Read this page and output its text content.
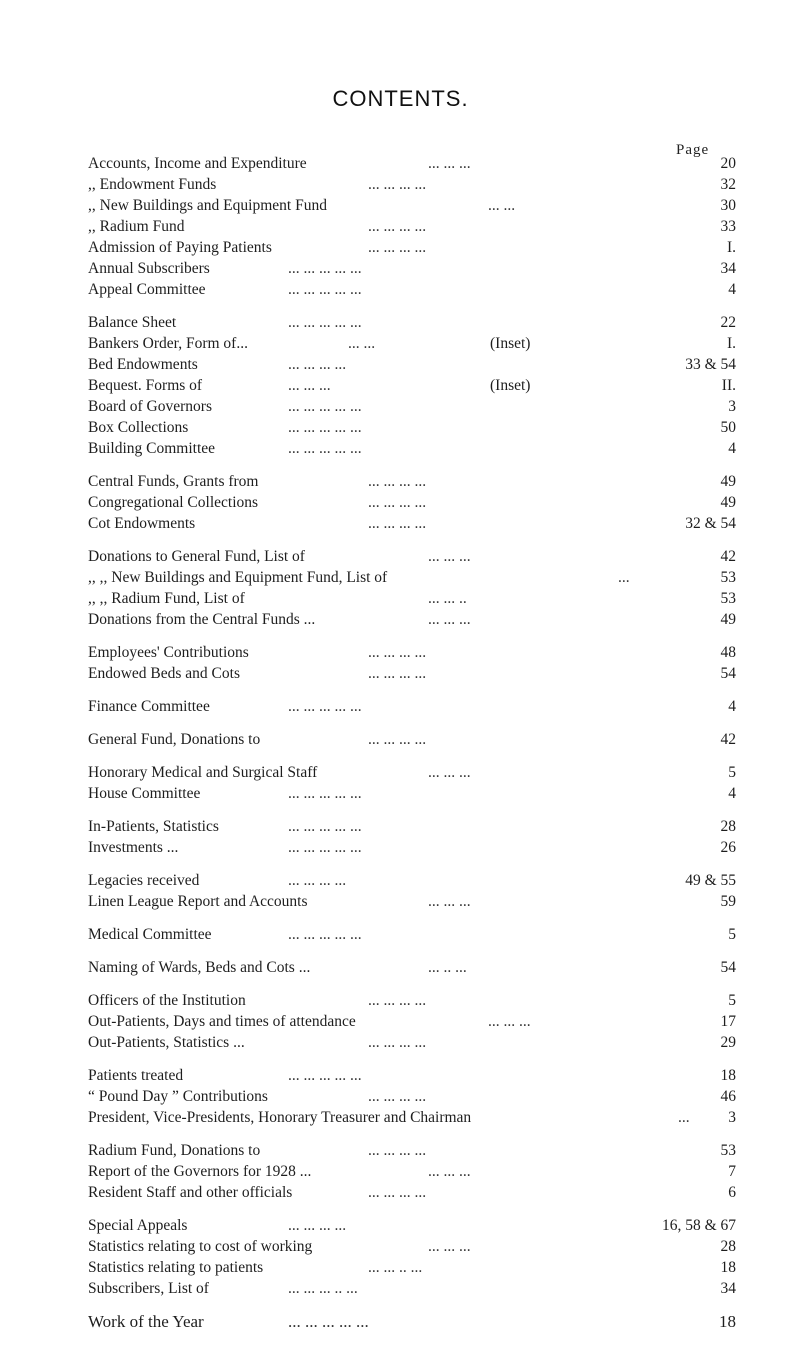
CONTENTS.
Page
Accounts, Income and Expenditure	... ... ...	20
,, Endowment Funds	... ... ... ...	32
,, New Buildings and Equipment Fund	... ...	30
,, Radium Fund	... ... ... ...	33
Admission of Paying Patients	... ... ... ...	I.
Annual Subscribers	... ... ... ... ...	34
Appeal Committee	... ... ... ... ...	4
Balance Sheet	... ... ... ... ...	22
Bankers Order, Form of...	... ...	(Inset)	I.
Bed Endowments	... ... ... ...	33 & 54
Bequest. Forms of	... ... ...	(Inset)	II.
Board of Governors	... ... ... ... ...	3
Box Collections	... ... ... ... ...	50
Building Committee	... ... ... ... ...	4
Central Funds, Grants from	... ... ... ...	49
Congregational Collections	... ... ... ...	49
Cot Endowments	... ... ... ...	32 & 54
Donations to General Fund, List of	... ... ...	42
,, ,, New Buildings and Equipment Fund, List of	...	53
,, ,, Radium Fund, List of	... ... ..	53
Donations from the Central Funds ...	... ... ...	49
Employees' Contributions	... ... ... ...	48
Endowed Beds and Cots	... ... ... ...	54
Finance Committee	... ... ... ... ...	4
General Fund, Donations to	... ... ... ...	42
Honorary Medical and Surgical Staff	... ... ...	5
House Committee	... ... ... ... ...	4
In-Patients, Statistics	... ... ... ... ...	28
Investments ...	... ... ... ... ...	26
Legacies received	... ... ... ...	49 & 55
Linen League Report and Accounts	... ... ...	59
Medical Committee	... ... ... ... ...	5
Naming of Wards, Beds and Cots ...	... .. ...	54
Officers of the Institution	... ... ... ...	5
Out-Patients, Days and times of attendance	... ... ...	17
Out-Patients, Statistics ...	... ... ... ...	29
Patients treated	... ... ... ... ...	18
“ Pound Day ” Contributions	... ... ... ...	46
President, Vice-Presidents, Honorary Treasurer and Chairman	... 3
Radium Fund, Donations to	... ... ... ...	53
Report of the Governors for 1928 ...	... ... ...	7
Resident Staff and other officials	... ... ... ...	6
Special Appeals	... ... ... ...	16, 58 & 67
Statistics relating to cost of working	... ... ...	28
Statistics relating to patients	... ... .. ...	18
Subscribers, List of	... ... ... .. ...	34
Work of the Year	... ... ... ... ...	18
